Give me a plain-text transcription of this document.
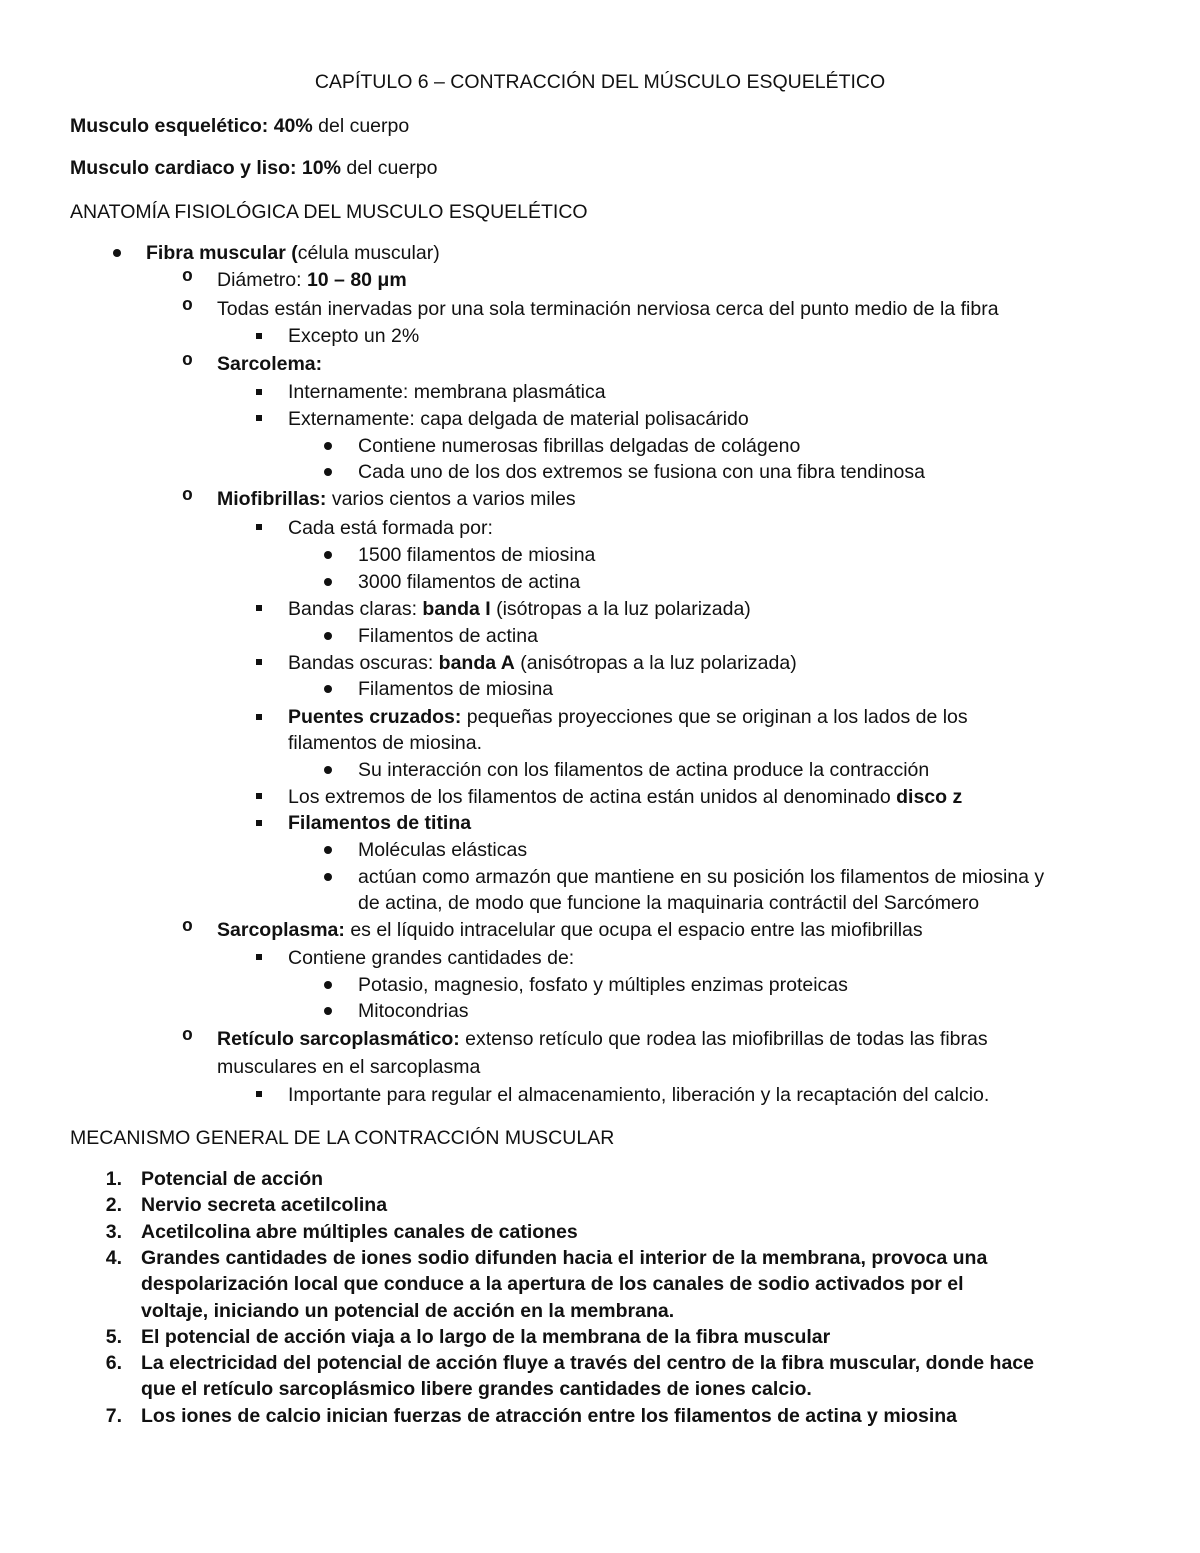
CAPÍTULO 6 – CONTRACCIÓN DEL MÚSCULO ESQUELÉTICO
Musculo esquelético: 40% del cuerpo
Musculo cardiaco y liso: 10% del cuerpo
ANATOMÍA FISIOLÓGICA DEL MUSCULO ESQUELÉTICO
Fibra muscular (célula muscular)
o Diámetro: 10 – 80 μm
o Todas están inervadas por una sola terminación nerviosa cerca del punto medio de la fibra
Excepto un 2%
o Sarcolema:
Internamente: membrana plasmática
Externamente: capa delgada de material polisacárido
Contiene numerosas fibrillas delgadas de colágeno
Cada uno de los dos extremos se fusiona con una fibra tendinosa
o Miofibrillas: varios cientos a varios miles
Cada está formada por:
1500 filamentos de miosina
3000 filamentos de actina
Bandas claras: banda I (isótropas a la luz polarizada)
Filamentos de actina
Bandas oscuras: banda A (anisótropas a la luz polarizada)
Filamentos de miosina
Puentes cruzados: pequeñas proyecciones que se originan a los lados de los
filamentos de miosina.
Su interacción con los filamentos de actina produce la contracción
Los extremos de los filamentos de actina están unidos al denominado disco z
Filamentos de titina
Moléculas elásticas
actúan como armazón que mantiene en su posición los filamentos de miosina y
de actina, de modo que funcione la maquinaria contráctil del Sarcómero
o Sarcoplasma: es el líquido intracelular que ocupa el espacio entre las miofibrillas
Contiene grandes cantidades de:
Potasio, magnesio, fosfato y múltiples enzimas proteicas
Mitocondrias
o Retículo sarcoplasmático: extenso retículo que rodea las miofibrillas de todas las fibras
musculares en el sarcoplasma
Importante para regular el almacenamiento, liberación y la recaptación del calcio.
MECANISMO GENERAL DE LA CONTRACCIÓN MUSCULAR
1. Potencial de acción
2. Nervio secreta acetilcolina
3. Acetilcolina abre múltiples canales de cationes
4. Grandes cantidades de iones sodio difunden hacia el interior de la membrana, provoca una
despolarización local que conduce a la apertura de los canales de sodio activados por el
voltaje, iniciando un potencial de acción en la membrana.
5. El potencial de acción viaja a lo largo de la membrana de la fibra muscular
6. La electricidad del potencial de acción fluye a través del centro de la fibra muscular, donde hace
que el retículo sarcoplásmico libere grandes cantidades de iones calcio.
7. Los iones de calcio inician fuerzas de atracción entre los filamentos de actina y miosina
